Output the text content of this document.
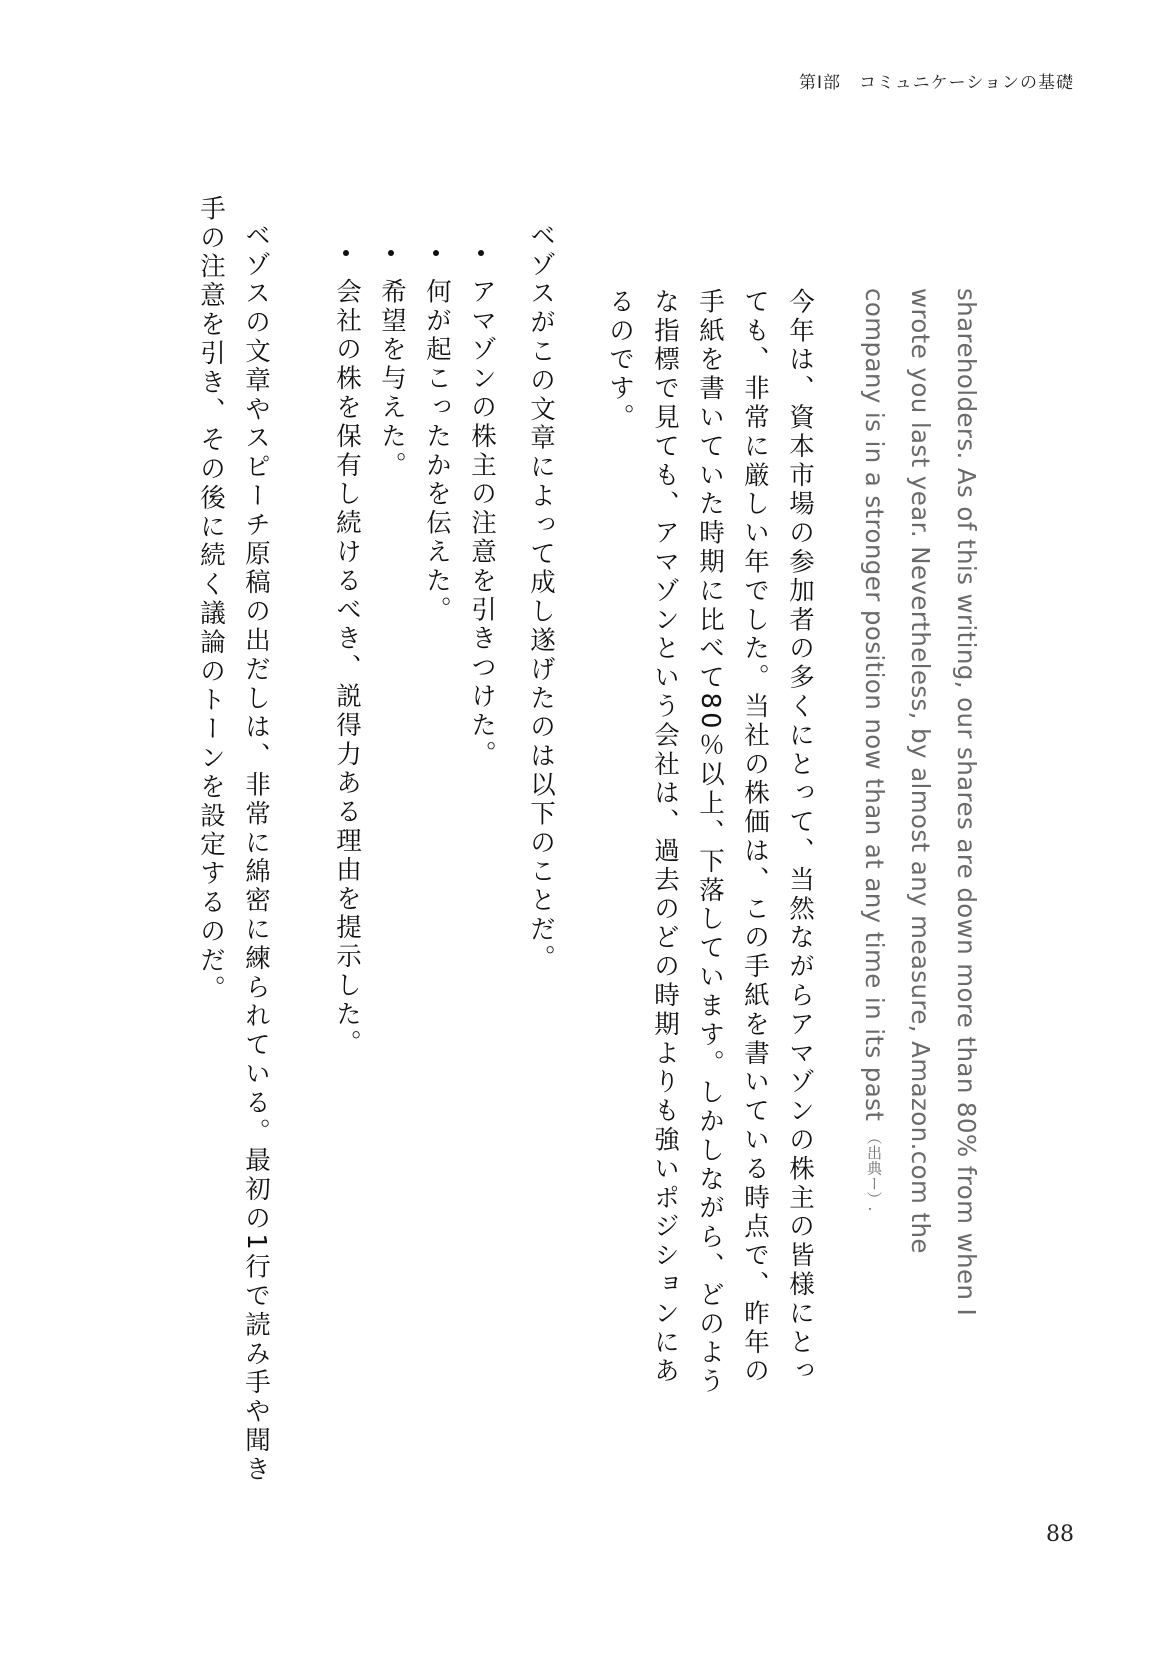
第Ⅰ部　コミュニケーションの基礎

shareholders. As of this writing, our shares are down more than 80% from when I

wrote you last year. Nevertheless, by almost any measure, Amazon.com the

company is in a stronger position now than at any time in its past （出典ー）.

今年は、資本市場の参加者の多くにとって、当然ながらアマゾンの株主の皆様にとっ

ても、非常に厳しい年でした。当社の株価は、この手紙を書いている時点で、昨年の

手紙を書いていた時期に比べて80％以上、下落しています。しかしながら、どのよう

な指標で見ても、アマゾンという会社は、過去のどの時期よりも強いポジションにあ

るのです。

ベゾスがこの文章によって成し遂げたのは以下のことだ。

アマゾンの株主の注意を引きつけた。

何が起こったかを伝えた。

希望を与えた。

会社の株を保有し続けるべき、説得力ある理由を提示した。

ベゾスの文章やスピーチ原稿の出だしは、非常に綿密に練られている。最初の1行で読み手や聞き

手の注意を引き、その後に続く議論のトーンを設定するのだ。

88
